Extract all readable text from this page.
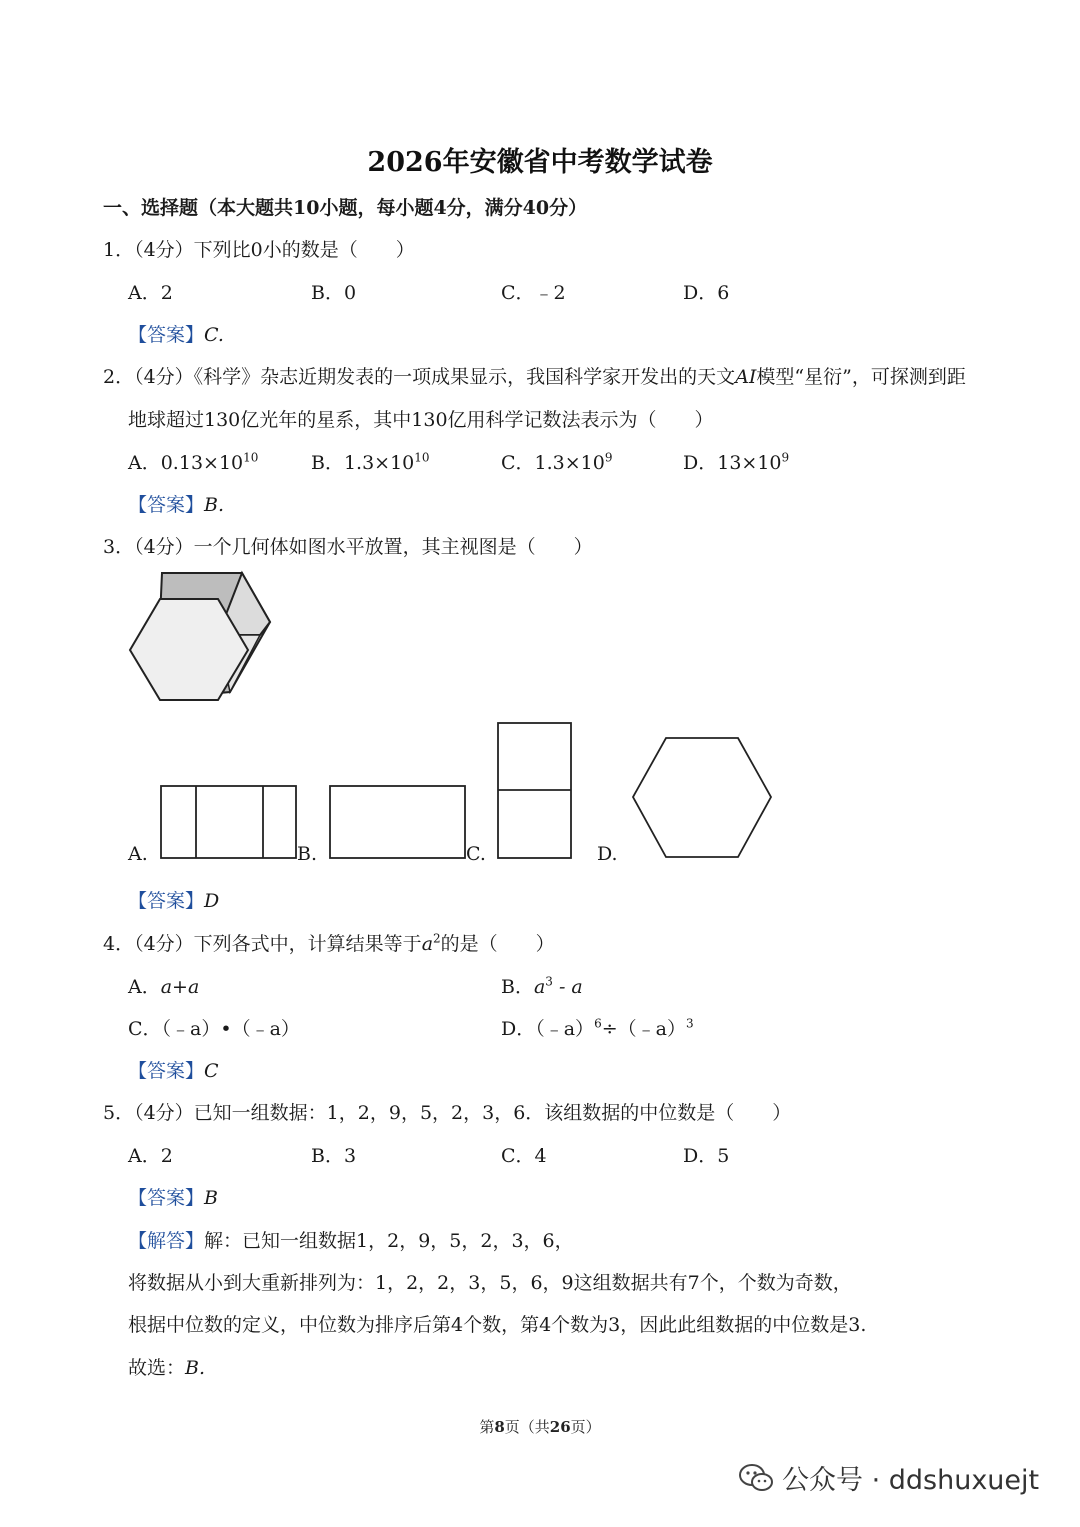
2026年安徽省中考数学试卷
一、选择题（本大题共10小题，每小题4分，满分40分）
1．（4分）下列比0小的数是（　　）
A．2	B．0	C．﹣2	D．6
【答案】C.
2．（4分）《科学》杂志近期发表的一项成果显示，我国科学家开发出的天文AI模型“星衍”，可探测到距
地球超过130亿光年的星系，其中130亿用科学记数法表示为（　　）
A．$0.13\times 10^{10}$	B．$1.3\times 10^{10}$	C．$1.3\times 10^9$	D．$13\times 10^9$
【答案】B.
3．（4分）一个几何体如图水平放置，其主视图是（　　）
A.	B.	C.	D.
【答案】D
4．（4分）下列各式中，计算结果等于$a^2$的是（　　）
A．a+a	B．$a^3$ - a
C．（﹣a）•（﹣a）	D．（﹣a）$^6$÷（﹣a）$^3$
【答案】C
5．（4分）已知一组数据：1，2，9，5，2，3，6．该组数据的中位数是（　　）
A．2	B．3	C．4	D．5
【答案】B
【解答】解：已知一组数据1，2，9，5，2，3，6，
将数据从小到大重新排列为：1，2，2，3，5，6，9这组数据共有7个，个数为奇数，
根据中位数的定义，中位数为排序后第4个数，第4个数为3，因此此组数据的中位数是3.
故选：B.
第8页（共26页）
公众号 · ddshuxuejt
